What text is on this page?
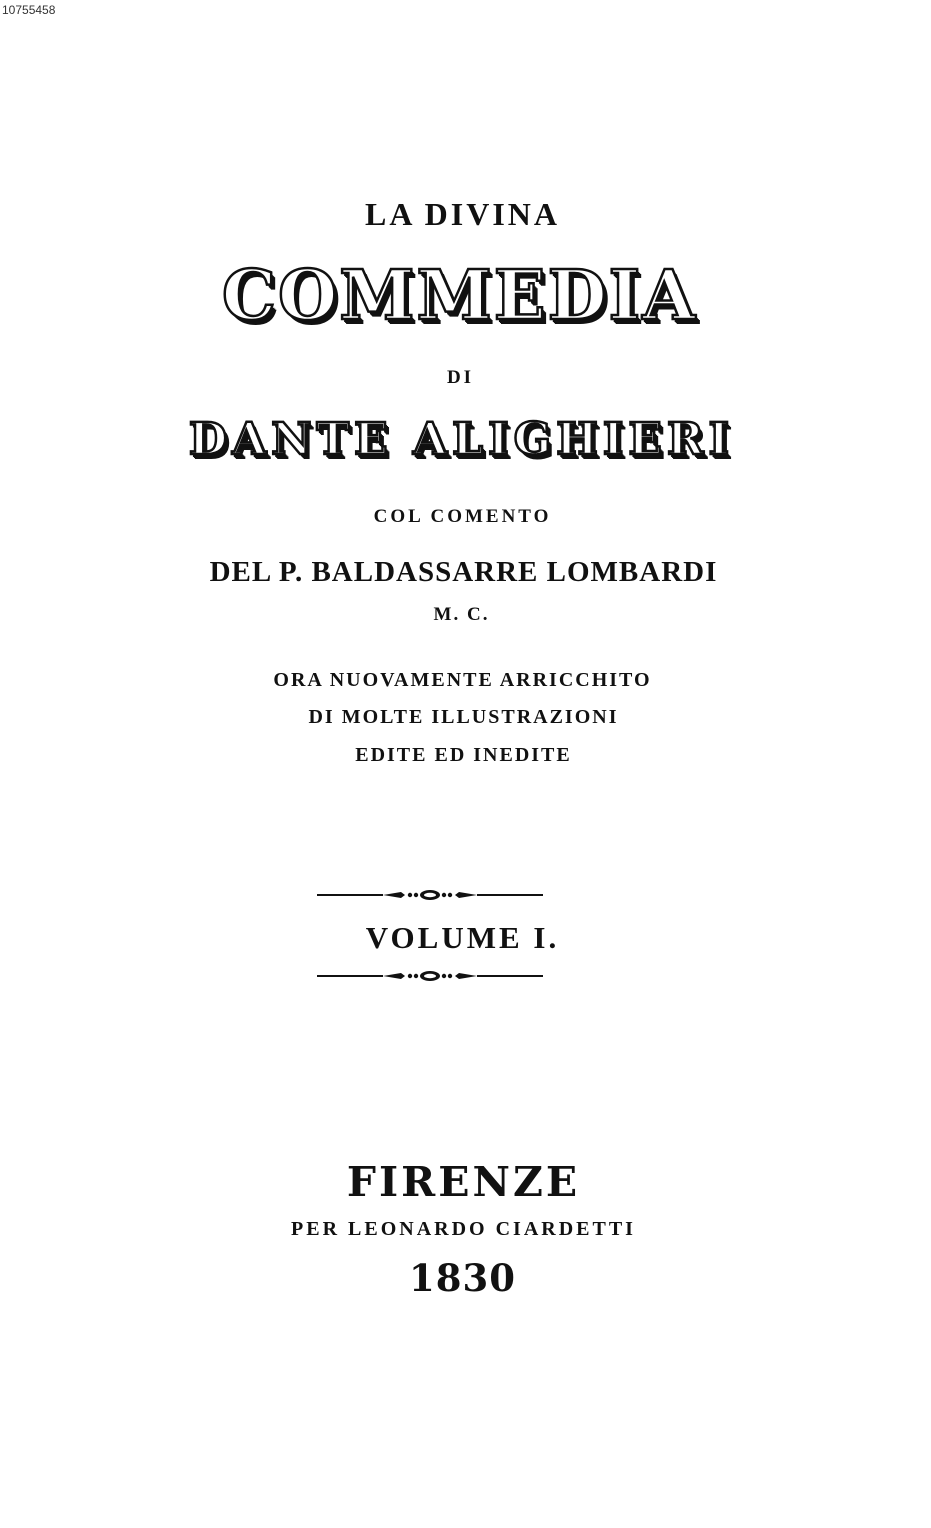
10755458
LA DIVINA
COMMEDIA
DI
DANTE ALIGHIERI
COL COMENTO
DEL P. BALDASSARRE LOMBARDI
M. C.
ORA NUOVAMENTE ARRICCHITO
DI MOLTE ILLUSTRAZIONI
EDITE ED INEDITE
VOLUME I.
FIRENZE
PER LEONARDO CIARDETTI
1830
